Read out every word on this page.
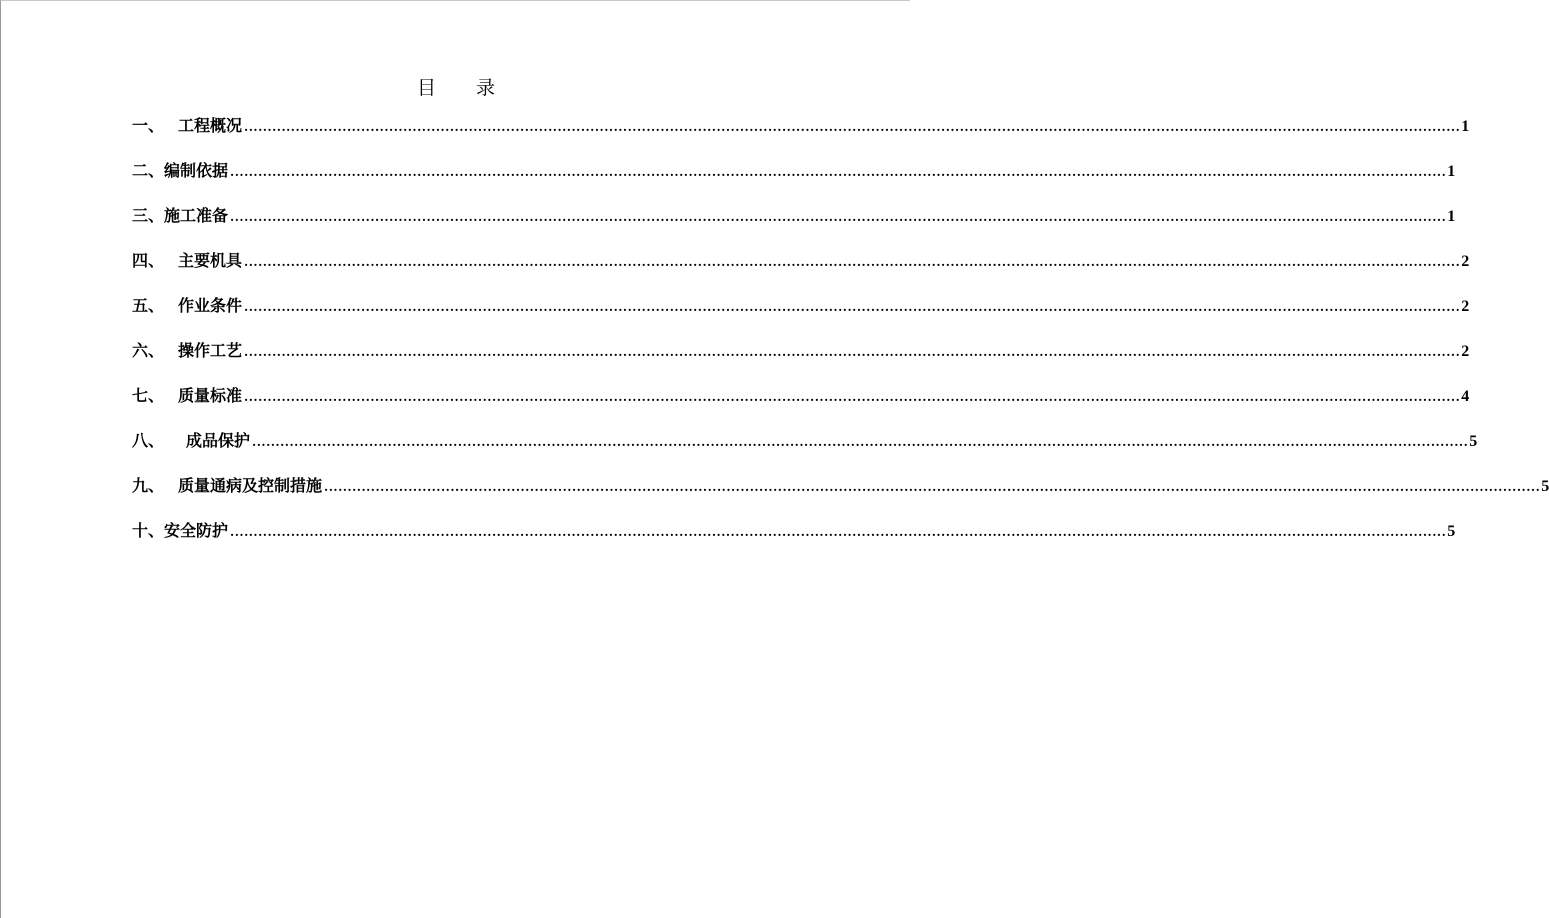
目 录
一、 工程概况 .................................................................................................................................................................................................................................................................... 1
二、 编制依据 .................................................................................................................................................................................................................................................................... 1
三、 施工准备 .................................................................................................................................................................................................................................................................... 1
四、 主要机具 .................................................................................................................................................................................................................................................................... 2
五、 作业条件 .................................................................................................................................................................................................................................................................... 2
六、 操作工艺 .................................................................................................................................................................................................................................................................... 2
七、 质量标准 .................................................................................................................................................................................................................................................................... 4
八、 成品保护 .................................................................................................................................................................................................................................................................... 5
九、 质量通病及控制措施 .................................................................................................................................................................................................................................................................... 5
十、 安全防护 .................................................................................................................................................................................................................................................................... 5
